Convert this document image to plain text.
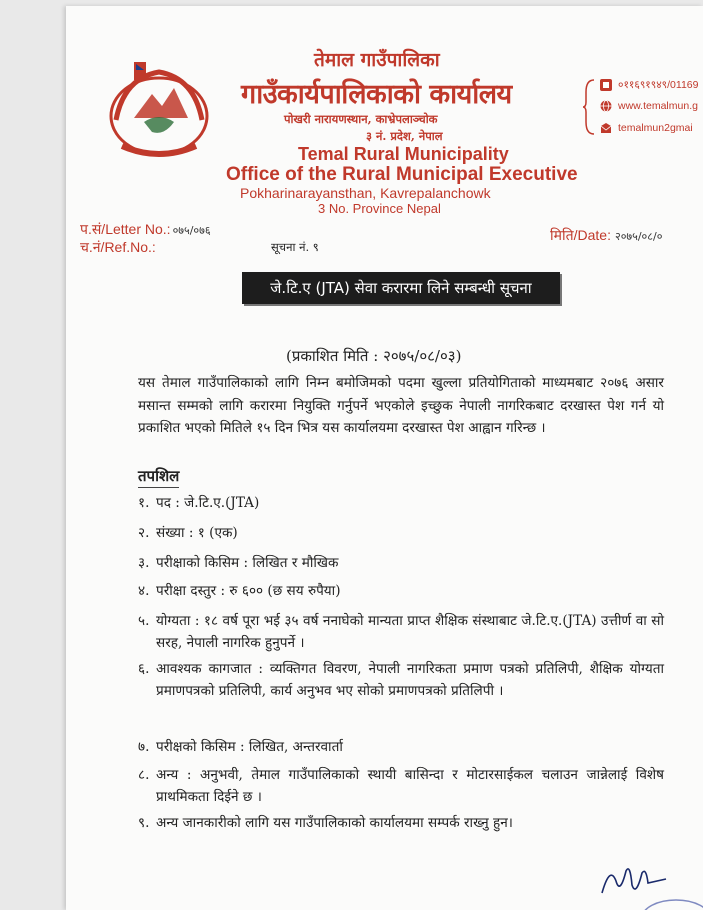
तेमाल गाउँपालिका
गाउँकार्यपालिकाको कार्यालय
पोखरी नारायणस्थान, काभ्रेपलाञ्चोक
३ नं. प्रदेश, नेपाल
Temal Rural Municipality
Office of the Rural Municipal Executive
Pokharinarayansthan, Kavrepalanchowk
3 No. Province Nepal
०११६९१९४९/01169
www.temalmun.g
temalmun2gmai
प.सं/Letter No.: ०७५/०७६
च.नं/Ref.No.:
मिति/Date: २०७५/०८/०
सूचना नं. ९
जे.टि.ए (JTA) सेवा करारमा लिने सम्बन्धी सूचना
(प्रकाशित मिति : २०७५/०८/०३)
यस तेमाल गाउँपालिकाको लागि निम्न बमोजिमको पदमा खुल्ला प्रतियोगिताको माध्यमबाट २०७६ असार मसान्त सम्मको लागि करारमा नियुक्ति गर्नुपर्ने भएकोले इच्छुक नेपाली नागरिकबाट दरखास्त पेश गर्न यो प्रकाशित भएको मितिले १५ दिन भित्र यस कार्यालयमा दरखास्त पेश आह्वान गरिन्छ ।
तपशिल
१. पद : जे.टि.ए.(JTA)
२. संख्या : १ (एक)
३. परीक्षाको किसिम : लिखित र मौखिक
४. परीक्षा दस्तुर : रु ६०० (छ सय रुपैया)
५. योग्यता : १८ वर्ष पूरा भई ३५ वर्ष ननाघेको मान्यता प्राप्त शैक्षिक संस्थाबाट जे.टि.ए.(JTA) उत्तीर्ण वा सो सरह, नेपाली नागरिक हुनुपर्ने ।
६. आवश्यक कागजात : व्यक्तिगत विवरण, नेपाली नागरिकता प्रमाण पत्रको प्रतिलिपी, शैक्षिक योग्यता प्रमाणपत्रको प्रतिलिपी, कार्य अनुभव भए सोको प्रमाणपत्रको प्रतिलिपी ।
७. परीक्षको किसिम : लिखित, अन्तरवार्ता
८. अन्य : अनुभवी, तेमाल गाउँपालिकाको स्थायी बासिन्दा र मोटारसाईकल चलाउन जान्नेलाई विशेष प्राथमिकता दिईने छ ।
९. अन्य जानकारीको लागि यस गाउँपालिकाको कार्यालयमा सम्पर्क राख्नु हुन।
